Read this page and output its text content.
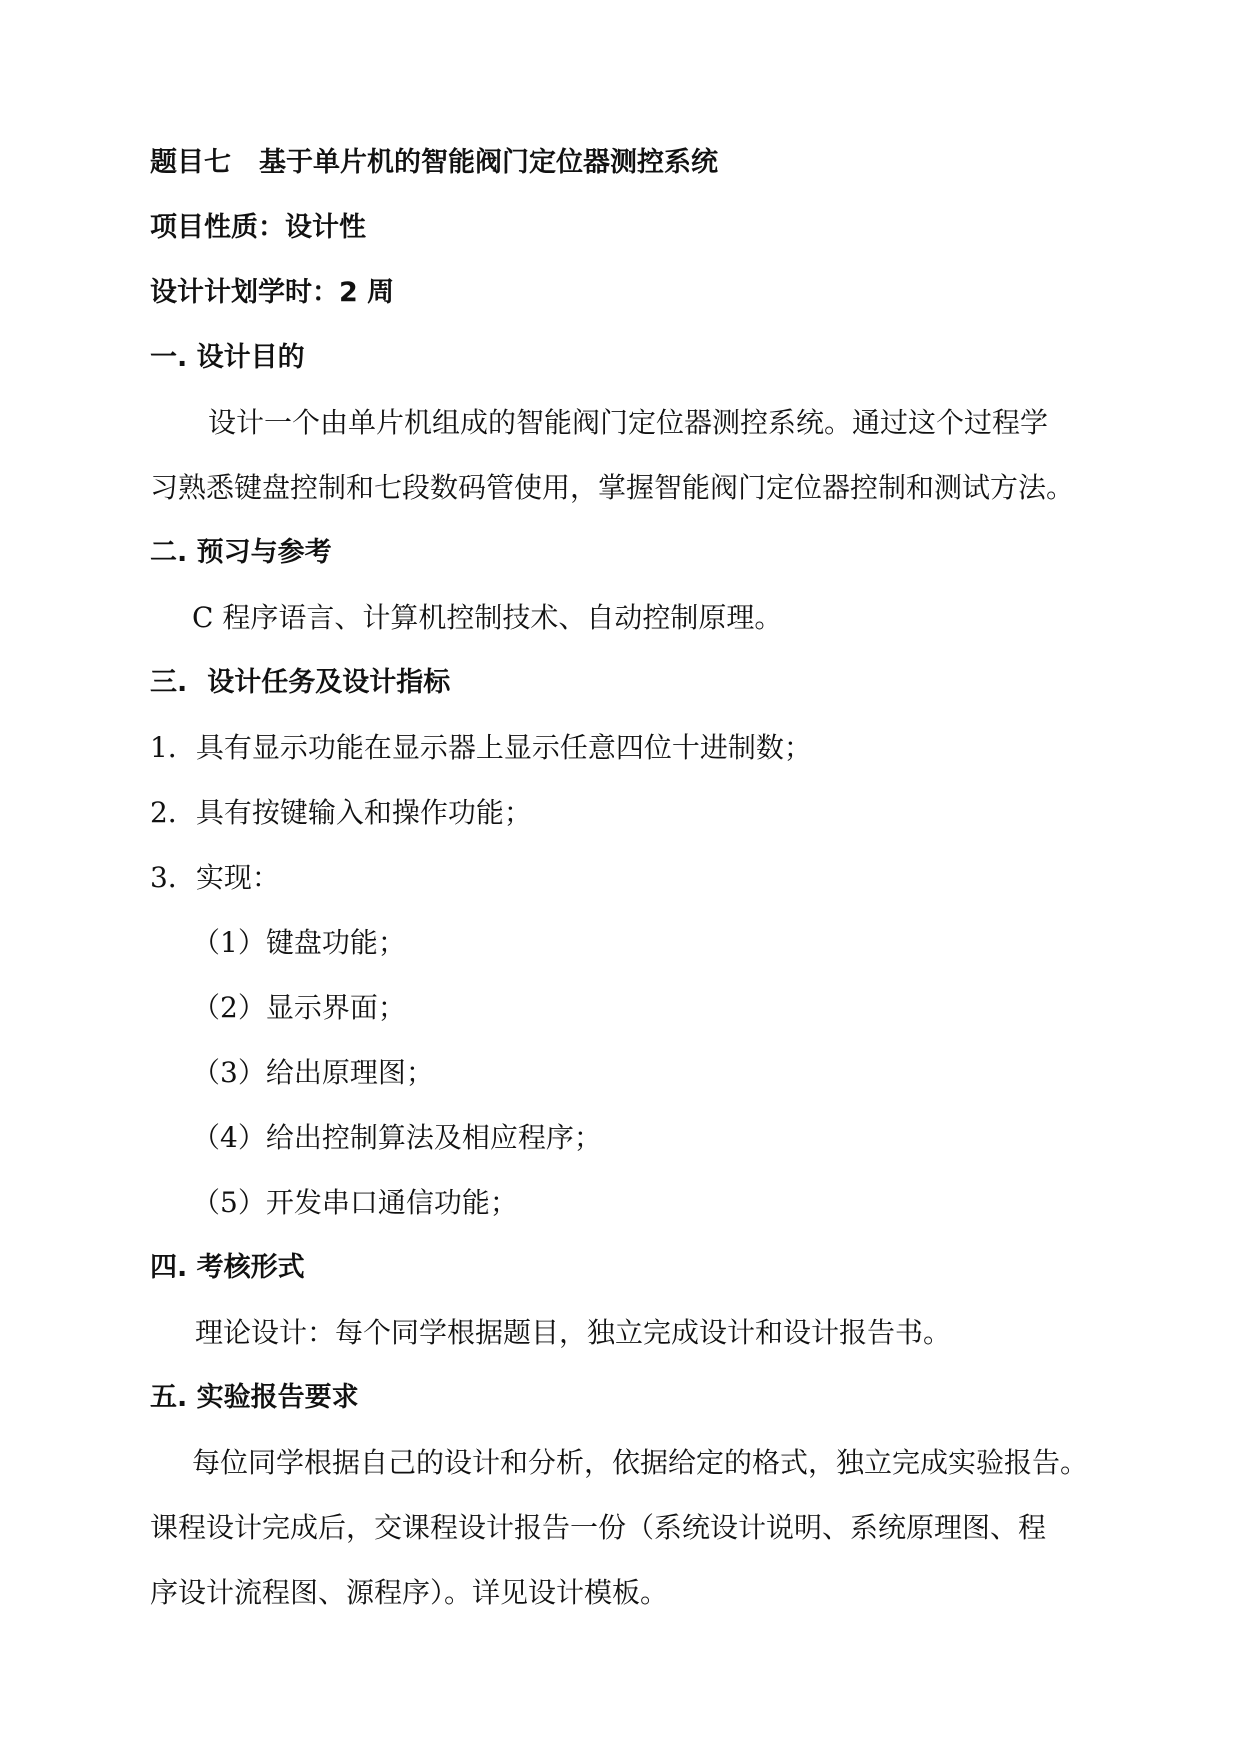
题目七 基于单片机的智能阀门定位器测控系统
项目性质：设计性
设计计划学时：2 周
一. 设计目的
设计一个由单片机组成的智能阀门定位器测控系统。通过这个过程学
习熟悉键盘控制和七段数码管使用，掌握智能阀门定位器控制和测试方法。
二. 预习与参考
C 程序语言、计算机控制技术、自动控制原理。
三. 设计任务及设计指标
1．具有显示功能在显示器上显示任意四位十进制数；
2．具有按键输入和操作功能；
3．实现：
（1）键盘功能；
（2）显示界面；
（3）给出原理图；
（4）给出控制算法及相应程序；
（5）开发串口通信功能；
四. 考核形式
理论设计：每个同学根据题目，独立完成设计和设计报告书。
五. 实验报告要求
每位同学根据自己的设计和分析，依据给定的格式，独立完成实验报告。
课程设计完成后，交课程设计报告一份（系统设计说明、系统原理图、程
序设计流程图、源程序）。详见设计模板。
